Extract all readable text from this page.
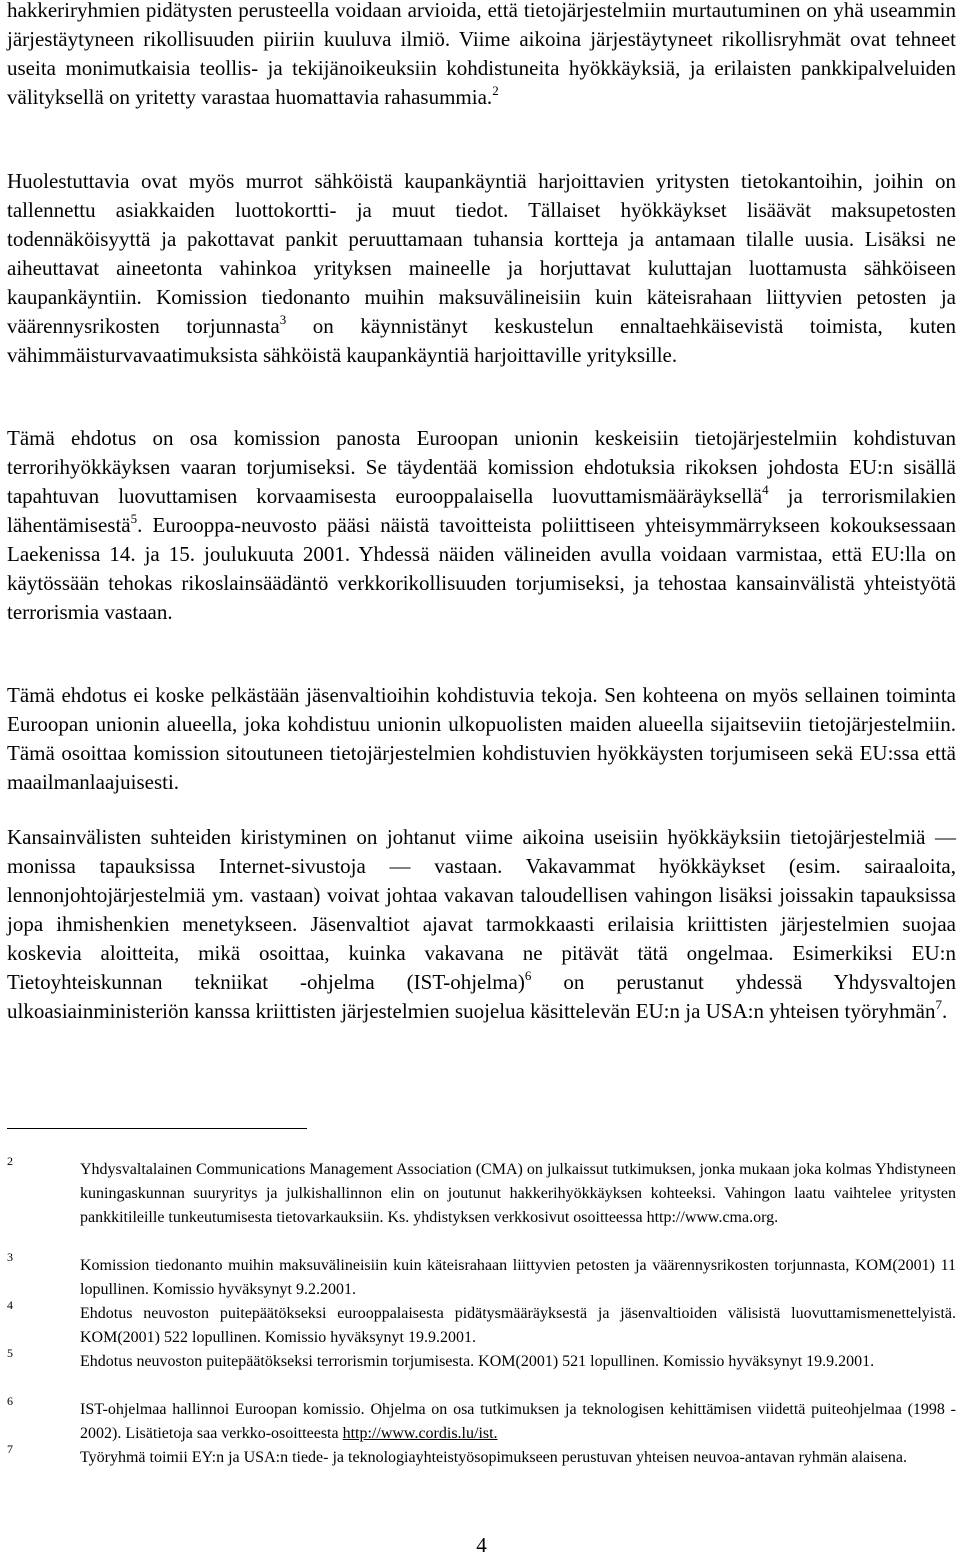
hakkeriryhmien pidätysten perusteella voidaan arvioida, että tietojärjestelmiin murtautuminen on yhä useammin järjestäytyneen rikollisuuden piiriin kuuluva ilmiö. Viime aikoina järjestäytyneet rikollisryhmät ovat tehneet useita monimutkaisia teollis- ja tekijänoikeuksiin kohdistuneita hyökkäyksiä, ja erilaisten pankkipalveluiden välityksellä on yritetty varastaa huomattavia rahasummia.$^2$

Huolestuttavia ovat myös murrot sähköistä kaupankäyntiä harjoittavien yritysten tietokantoihin, joihin on tallennettu asiakkaiden luottokortti- ja muut tiedot. Tällaiset hyökkäykset lisäävät maksupetosten todennäköisyyttä ja pakottavat pankit peruuttamaan tuhansia kortteja ja antamaan tilalle uusia. Lisäksi ne aiheuttavat aineetonta vahinkoa yrityksen maineelle ja horjuttavat kuluttajan luottamusta sähköiseen kaupankäyntiin. Komission tiedonanto muihin maksuvälineisiin kuin käteisrahaan liittyvien petosten ja väärennysrikosten torjunnasta$^3$ on käynnistänyt keskustelun ennaltaehkäisevistä toimista, kuten vähimmäisturvavaatimuksista sähköistä kaupankäyntiä harjoittaville yrityksille.

Tämä ehdotus on osa komission panosta Euroopan unionin keskeisiin tietojärjestelmiin kohdistuvan terrorihyökkäyksen vaaran torjumiseksi. Se täydentää komission ehdotuksia rikoksen johdosta EU:n sisällä tapahtuvan luovuttamisen korvaamisesta eurooppalaisella luovuttamismääräyksellä$^4$ ja terrorismilakien lähentämisestä$^5$. Eurooppa-neuvosto pääsi näistä tavoitteista poliittiseen yhteisymmärrykseen kokouksessaan Laekenissa 14. ja 15. joulukuuta 2001. Yhdessä näiden välineiden avulla voidaan varmistaa, että EU:lla on käytössään tehokas rikoslainsäädäntö verkkorikollisuuden torjumiseksi, ja tehostaa kansainvälistä yhteistyötä terrorismia vastaan.

Tämä ehdotus ei koske pelkästään jäsenvaltioihin kohdistuvia tekoja. Sen kohteena on myös sellainen toiminta Euroopan unionin alueella, joka kohdistuu unionin ulkopuolisten maiden alueella sijaitseviin tietojärjestelmiin. Tämä osoittaa komission sitoutuneen tietojärjestelmien kohdistuvien hyökkäysten torjumiseen sekä EU:ssa että maailmanlaajuisesti.

Kansainvälisten suhteiden kiristyminen on johtanut viime aikoina useisiin hyökkäyksiin tietojärjestelmiä — monissa tapauksissa Internet-sivustoja — vastaan. Vakavammat hyökkäykset (esim. sairaaloita, lennonjohtojärjestelmiä ym. vastaan) voivat johtaa vakavan taloudellisen vahingon lisäksi joissakin tapauksissa jopa ihmishenkien menetykseen. Jäsenvaltiot ajavat tarmokkaasti erilaisia kriittisten järjestelmien suojaa koskevia aloitteita, mikä osoittaa, kuinka vakavana ne pitävät tätä ongelmaa. Esimerkiksi EU:n Tietoyhteiskunnan tekniikat -ohjelma (IST-ohjelma)$^6$ on perustanut yhdessä Yhdysvaltojen ulkoasiainministeriön kanssa kriittisten järjestelmien suojelua käsittelevän EU:n ja USA:n yhteisen työryhmän$^7$.

2	Yhdysvaltalainen Communications Management Association (CMA) on julkaissut tutkimuksen, jonka mukaan joka kolmas Yhdistyneen kuningaskunnan suuryritys ja julkishallinnon elin on joutunut hakkerihyökkäyksen kohteeksi. Vahingon laatu vaihtelee yritysten pankkitileille tunkeutumisesta tietovarkauksiin. Ks. yhdistyksen verkkosivut osoitteessa http://www.cma.org.

3	Komission tiedonanto muihin maksuvälineisiin kuin käteisrahaan liittyvien petosten ja väärennysrikosten torjunnasta, KOM(2001) 11 lopullinen. Komissio hyväksynyt 9.2.2001.

4	Ehdotus neuvoston puitepäätökseksi eurooppalaisesta pidätysmääräyksestä ja jäsenvaltioiden välisistä luovuttamismenettelyistä. KOM(2001) 522 lopullinen. Komissio hyväksynyt 19.9.2001.

5	Ehdotus neuvoston puitepäätökseksi terrorismin torjumisesta. KOM(2001) 521 lopullinen. Komissio hyväksynyt 19.9.2001.

6	IST-ohjelmaa hallinnoi Euroopan komissio. Ohjelma on osa tutkimuksen ja teknologisen kehittämisen viidettä puiteohjelmaa (1998 - 2002). Lisätietoja saa verkko-osoitteesta http://www.cordis.lu/ist.

7	Työryhmä toimii EY:n ja USA:n tiede- ja teknologiayhteistyösopimukseen perustuvan yhteisen neuvoa-antavan ryhmän alaisena.

4
